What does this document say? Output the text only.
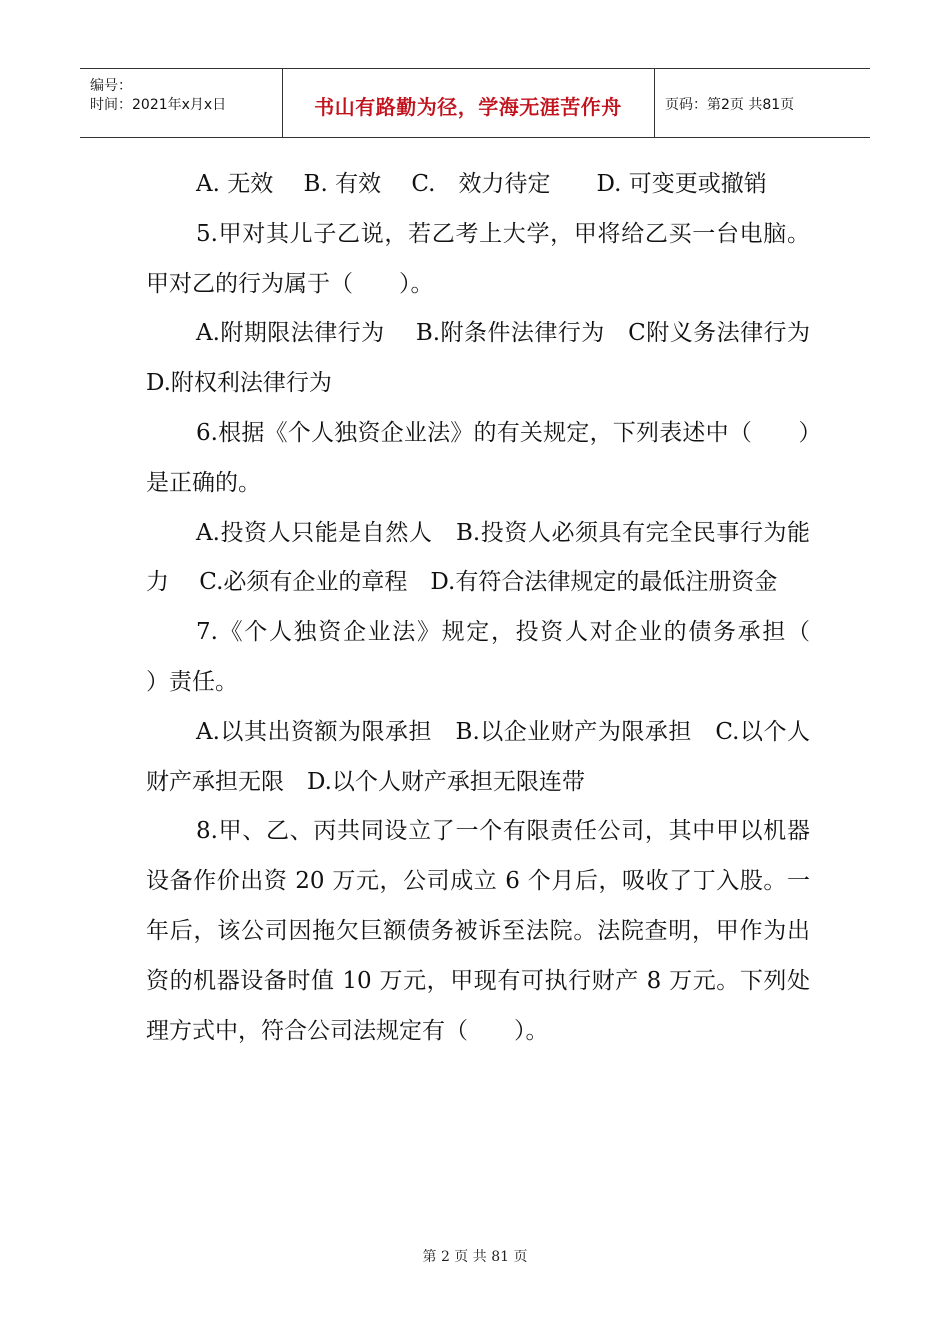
编号：
时间：2021年x月x日	书山有路勤为径，学海无涯苦作舟	页码：第2页 共81页

A. 无效　 B. 有效　 C.　效力待定　　D. 可变更或撤销

5.甲对其儿子乙说，若乙考上大学，甲将给乙买一台电脑。甲对乙的行为属于（　　）。

A.附期限法律行为　 B.附条件法律行为　C附义务法律行为　 D.附权利法律行为

6.根据《个人独资企业法》的有关规定，下列表述中（　　）是正确的。

A.投资人只能是自然人　B.投资人必须具有完全民事行为能力　 C.必须有企业的章程　D.有符合法律规定的最低注册资金

7.《个人独资企业法》规定，投资人对企业的债务承担（　　）责任。

A.以其出资额为限承担　B.以企业财产为限承担　C.以个人财产承担无限　D.以个人财产承担无限连带

8.甲、乙、丙共同设立了一个有限责任公司，其中甲以机器设备作价出资 20 万元，公司成立 6 个月后，吸收了丁入股。一年后，该公司因拖欠巨额债务被诉至法院。法院查明，甲作为出资的机器设备时值 10 万元，甲现有可执行财产 8 万元。下列处理方式中，符合公司法规定有（　　）。

第 2 页 共 81 页
